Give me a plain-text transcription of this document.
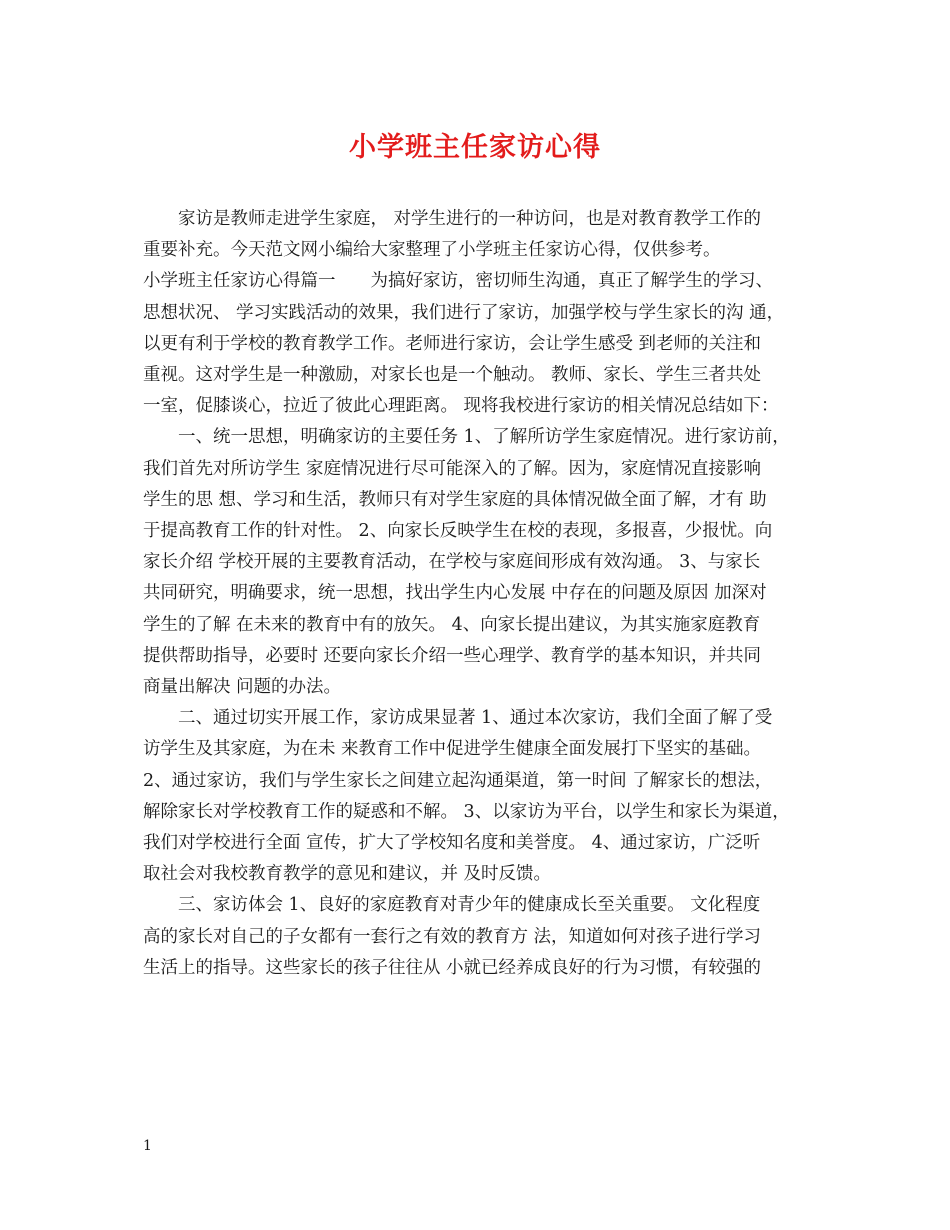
小学班主任家访心得
家访是教师走进学生家庭， 对学生进行的一种访问，也是对教育教学工作的
重要补充。今天范文网小编给大家整理了小学班主任家访心得，仅供参考。
小学班主任家访心得篇一　　为搞好家访，密切师生沟通，真正了解学生的学习、
思想状况、 学习实践活动的效果，我们进行了家访，加强学校与学生家长的沟 通，
以更有利于学校的教育教学工作。老师进行家访，会让学生感受 到老师的关注和
重视。这对学生是一种激励，对家长也是一个触动。 教师、家长、学生三者共处
一室，促膝谈心，拉近了彼此心理距离。 现将我校进行家访的相关情况总结如下：
一、统一思想，明确家访的主要任务 1、了解所访学生家庭情况。进行家访前，
我们首先对所访学生 家庭情况进行尽可能深入的了解。因为，家庭情况直接影响
学生的思 想、学习和生活，教师只有对学生家庭的具体情况做全面了解，才有 助
于提高教育工作的针对性。 2、向家长反映学生在校的表现，多报喜，少报忧。向
家长介绍 学校开展的主要教育活动，在学校与家庭间形成有效沟通。 3、与家长
共同研究，明确要求，统一思想，找出学生内心发展 中存在的问题及原因 加深对
学生的了解 在未来的教育中有的放矢。 4、向家长提出建议，为其实施家庭教育
提供帮助指导，必要时 还要向家长介绍一些心理学、教育学的基本知识，并共同
商量出解决 问题的办法。
二、通过切实开展工作，家访成果显著 1、通过本次家访，我们全面了解了受
访学生及其家庭，为在未 来教育工作中促进学生健康全面发展打下坚实的基础。
2、通过家访，我们与学生家长之间建立起沟通渠道，第一时间 了解家长的想法，
解除家长对学校教育工作的疑惑和不解。 3、以家访为平台，以学生和家长为渠道，
我们对学校进行全面 宣传，扩大了学校知名度和美誉度。 4、通过家访，广泛听
取社会对我校教育教学的意见和建议，并 及时反馈。
三、家访体会 1、良好的家庭教育对青少年的健康成长至关重要。 文化程度
高的家长对自己的子女都有一套行之有效的教育方 法，知道如何对孩子进行学习
生活上的指导。这些家长的孩子往往从 小就已经养成良好的行为习惯，有较强的
1
